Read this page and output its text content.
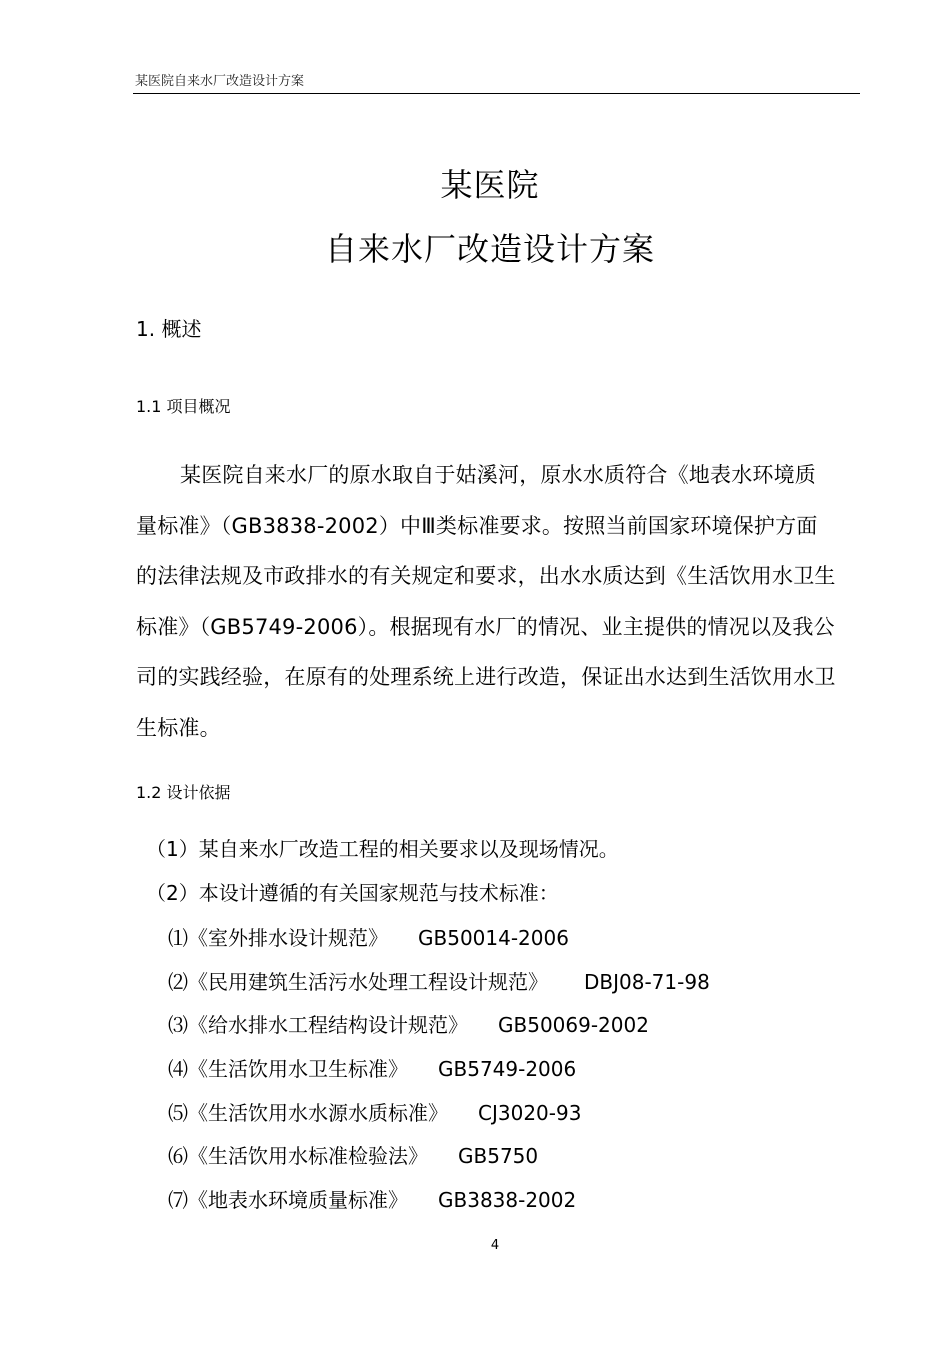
某医院自来水厂改造设计方案
某医院
自来水厂改造设计方案
1. 概述
1.1 项目概况
某医院自来水厂的原水取自于姑溪河，原水水质符合《地表水环境质量标准》（GB3838-2002）中Ⅲ类标准要求。按照当前国家环境保护方面的法律法规及市政排水的有关规定和要求，出水水质达到《生活饮用水卫生标准》（GB5749-2006）。根据现有水厂的情况、业主提供的情况以及我公司的实践经验，在原有的处理系统上进行改造，保证出水达到生活饮用水卫生标准。
1.2 设计依据
（1）某自来水厂改造工程的相关要求以及现场情况。
（2）本设计遵循的有关国家规范与技术标准：
⑴《室外排水设计规范》 GB50014-2006
⑵《民用建筑生活污水处理工程设计规范》 DBJ08-71-98
⑶《给水排水工程结构设计规范》 GB50069-2002
⑷《生活饮用水卫生标准》 GB5749-2006
⑸《生活饮用水水源水质标准》 CJ3020-93
⑹《生活饮用水标准检验法》 GB5750
⑺《地表水环境质量标准》 GB3838-2002
4
